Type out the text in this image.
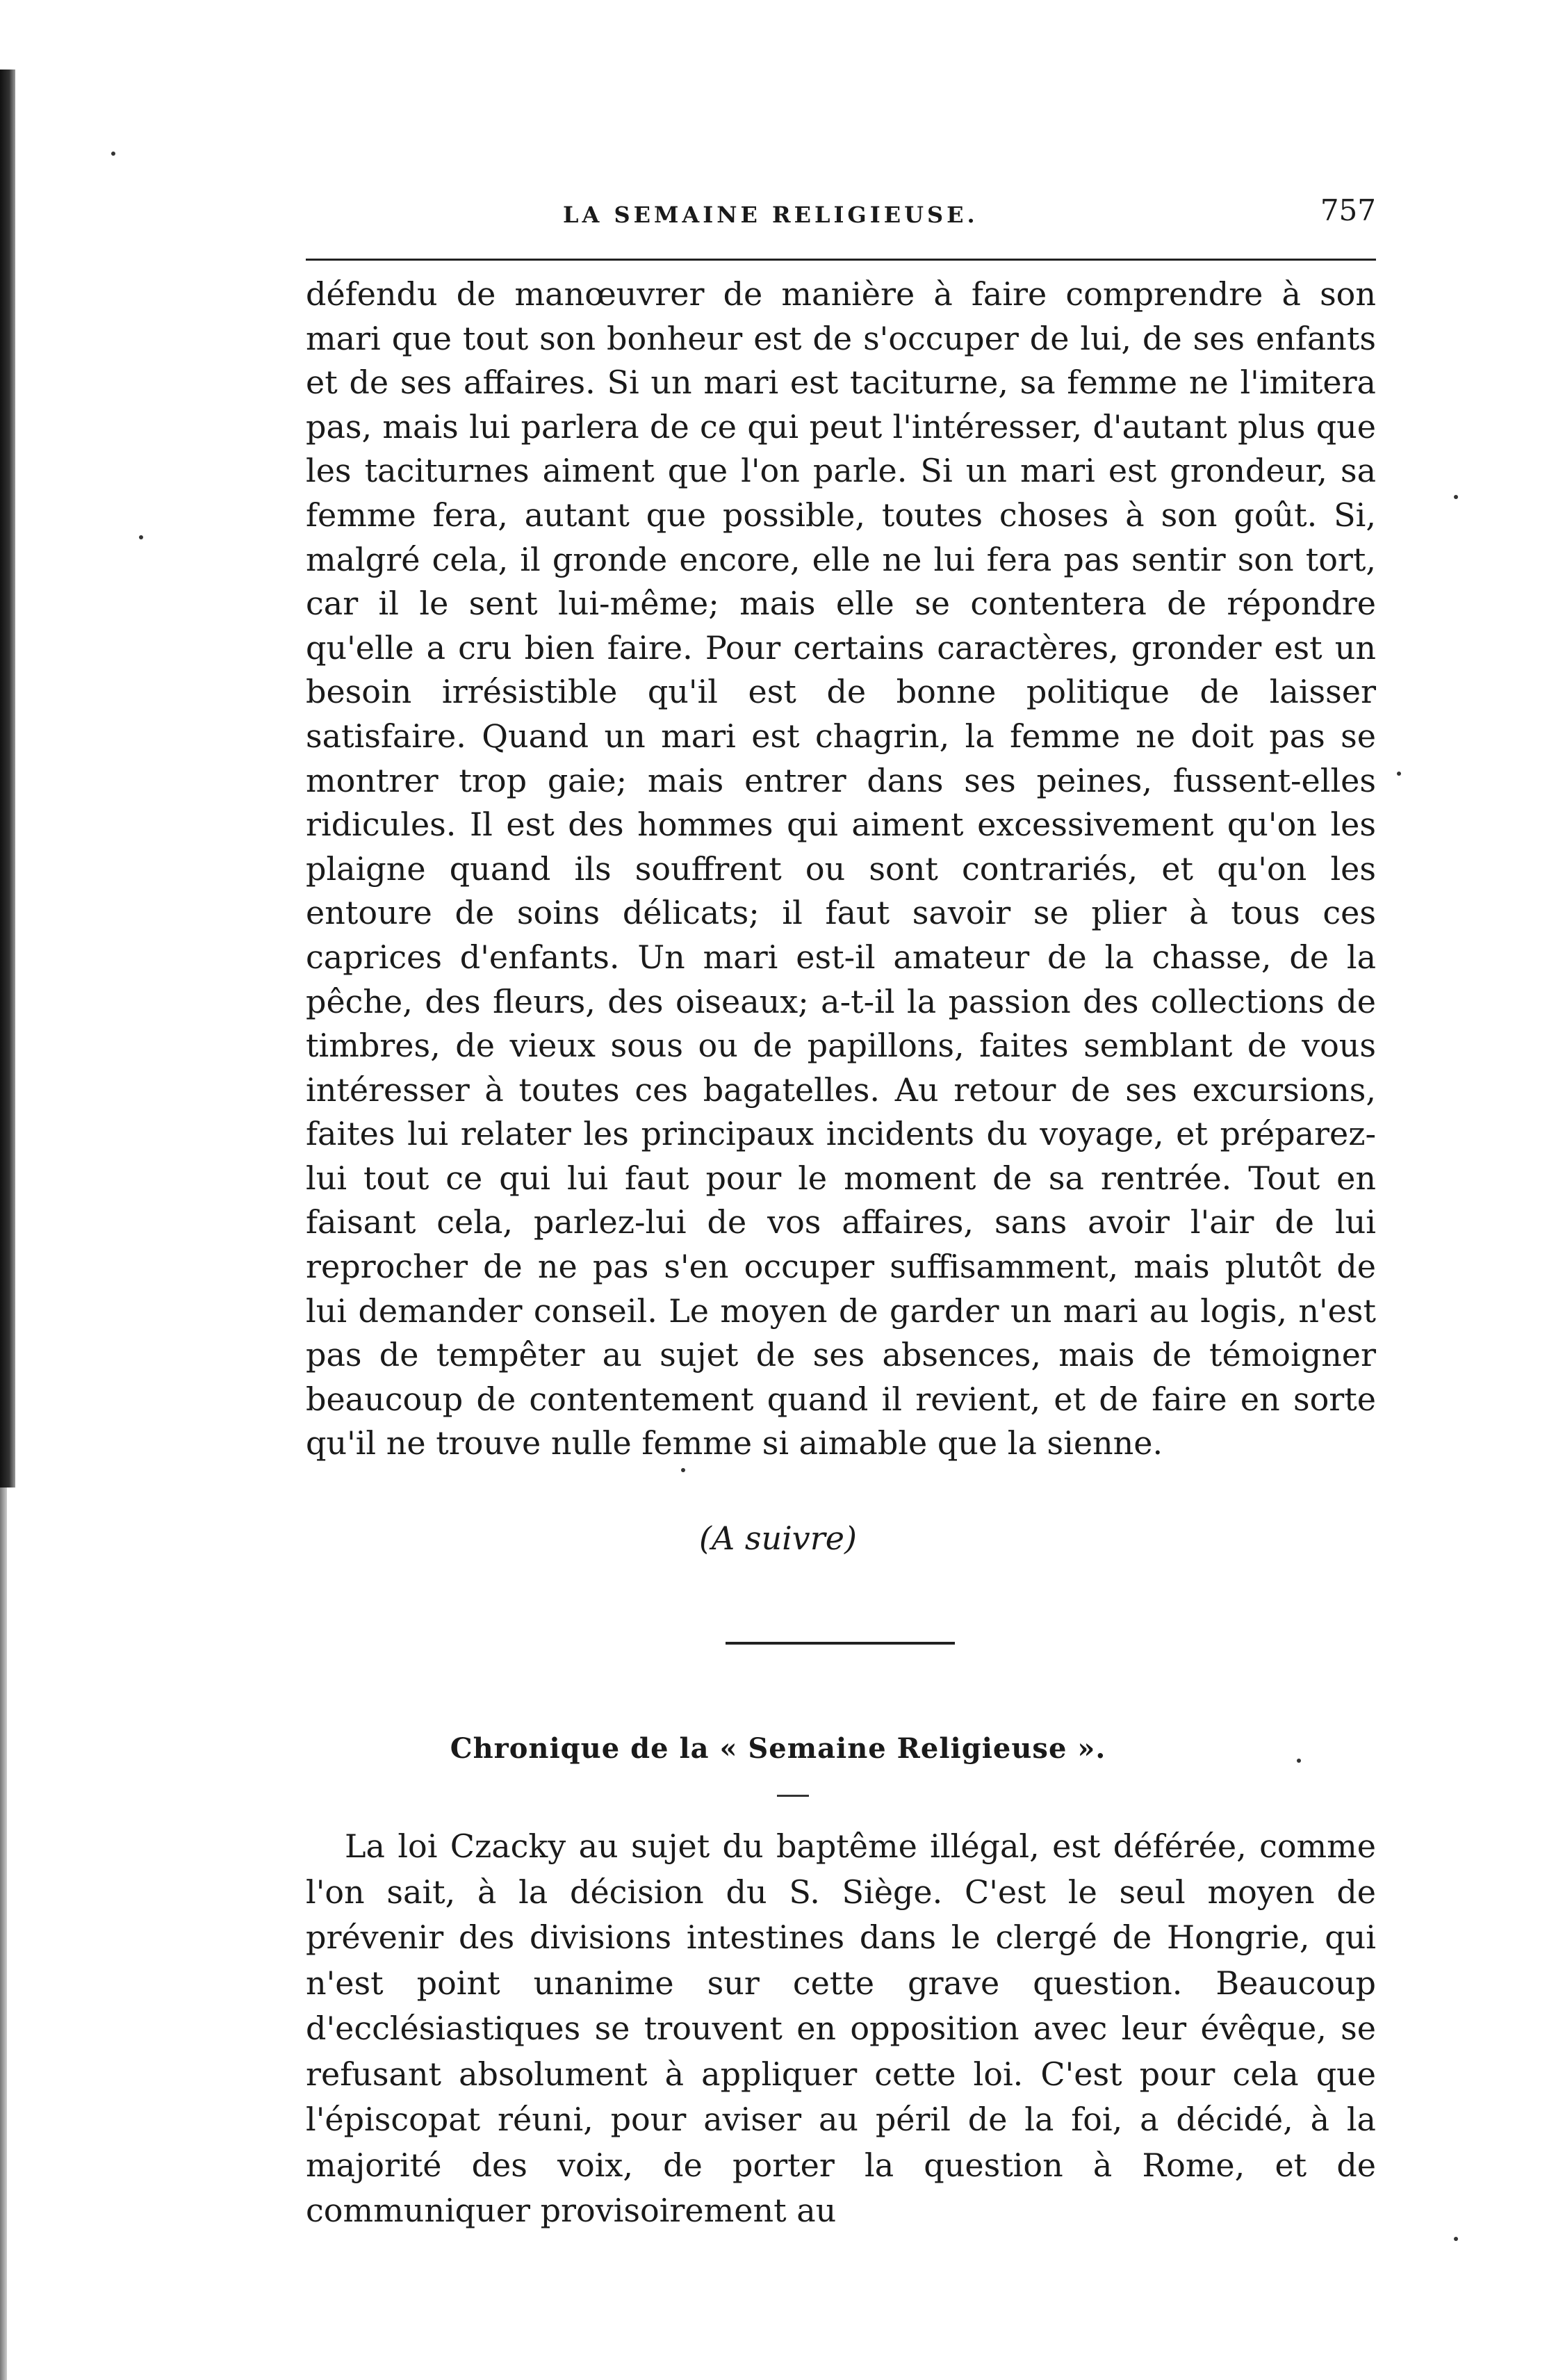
LA SEMAINE RELIGIEUSE.	757

défendu de manœuvrer de manière à faire comprendre à son mari que tout son bonheur est de s'occuper de lui, de ses enfants et de ses affaires. Si un mari est taciturne, sa femme ne l'imitera pas, mais lui parlera de ce qui peut l'intéresser, d'autant plus que les taciturnes aiment que l'on parle. Si un mari est grondeur, sa femme fera, autant que possible, toutes choses à son goût. Si, malgré cela, il gronde encore, elle ne lui fera pas sentir son tort, car il le sent lui-même; mais elle se contentera de répondre qu'elle a cru bien faire. Pour certains caractères, gronder est un besoin irrésistible qu'il est de bonne politique de laisser satisfaire. Quand un mari est chagrin, la femme ne doit pas se montrer trop gaie; mais entrer dans ses peines, fussent-elles ridicules. Il est des hommes qui aiment excessivement qu'on les plaigne quand ils souffrent ou sont contrariés, et qu'on les entoure de soins délicats; il faut savoir se plier à tous ces caprices d'enfants. Un mari est-il amateur de la chasse, de la pêche, des fleurs, des oiseaux; a-t-il la passion des collections de timbres, de vieux sous ou de papillons, faites semblant de vous intéresser à toutes ces bagatelles. Au retour de ses excursions, faites lui relater les principaux incidents du voyage, et préparez-lui tout ce qui lui faut pour le moment de sa rentrée. Tout en faisant cela, parlez-lui de vos affaires, sans avoir l'air de lui reprocher de ne pas s'en occuper suffisamment, mais plutôt de lui demander conseil. Le moyen de garder un mari au logis, n'est pas de tempêter au sujet de ses absences, mais de témoigner beaucoup de contentement quand il revient, et de faire en sorte qu'il ne trouve nulle femme si aimable que la sienne.

(A suivre)
Chronique de la « Semaine Religieuse ».

La loi Czacky au sujet du baptême illégal, est déférée, comme l'on sait, à la décision du S. Siège. C'est le seul moyen de prévenir des divisions intestines dans le clergé de Hongrie, qui n'est point unanime sur cette grave question. Beaucoup d'ecclésiastiques se trouvent en opposition avec leur évêque, se refusant absolument à appliquer cette loi. C'est pour cela que l'épiscopat réuni, pour aviser au péril de la foi, a décidé, à la majorité des voix, de porter la question à Rome, et de communiquer provisoirement au
